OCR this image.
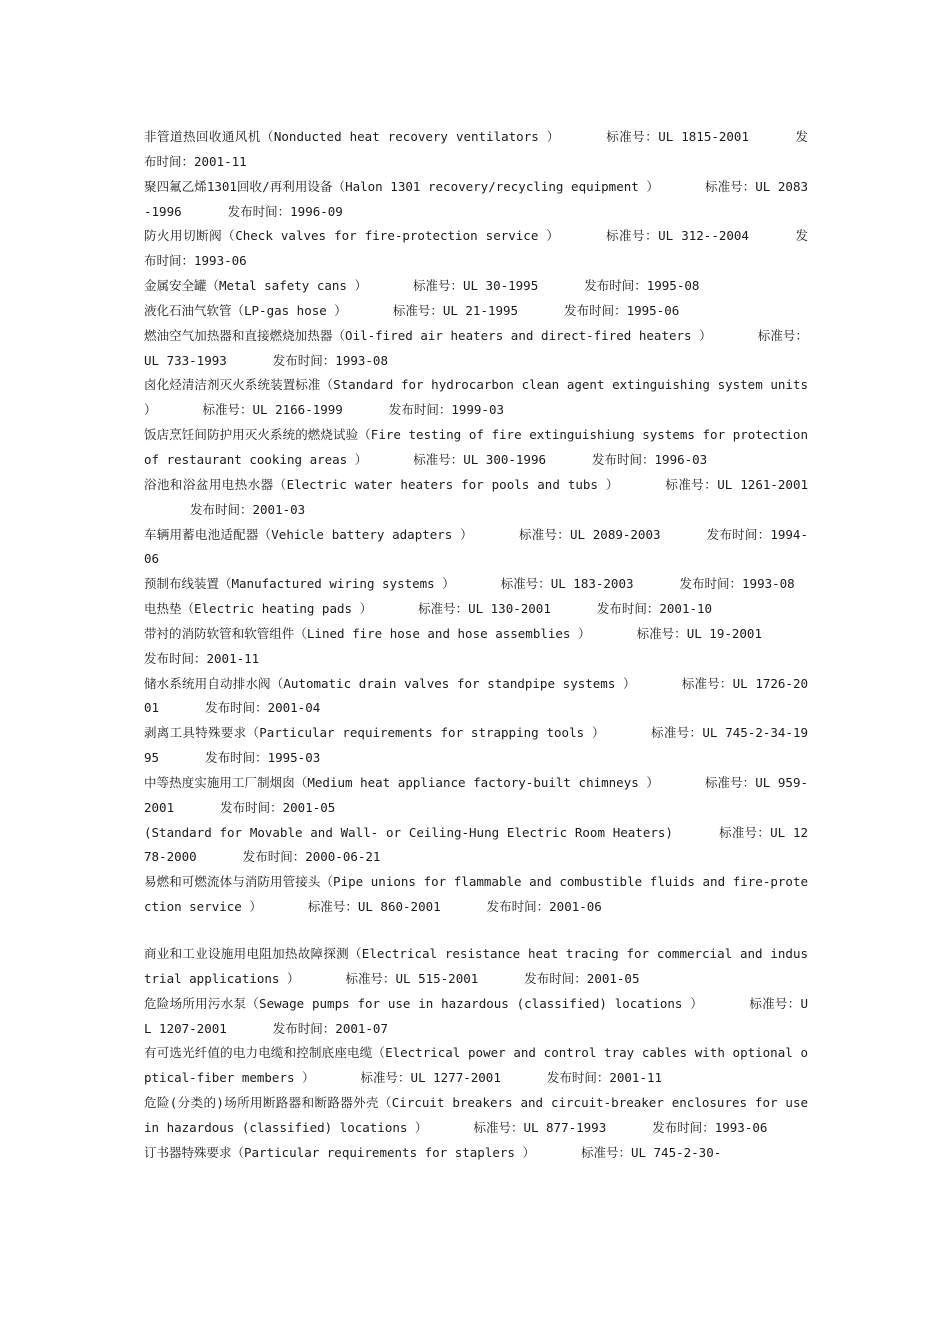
非管道热回收通风机（Nonducted heat recovery ventilators ）	标准号：UL 1815-2001	发布时间：2001-11

聚四氟乙烯1301回收/再利用设备（Halon 1301 recovery/recycling equipment ）	标准号：UL 2083-1996	发布时间：1996-09

防火用切断阀（Check valves for fire-protection service ）	标准号：UL 312--2004	发布时间：1993-06

金属安全罐（Metal safety cans ）	标准号：UL 30-1995	发布时间：1995-08

液化石油气软管（LP-gas hose ）	标准号：UL 21-1995	发布时间：1995-06

燃油空气加热器和直接燃烧加热器（Oil-fired air heaters and direct-fired heaters ）	标准号：UL 733-1993	发布时间：1993-08

卤化烃清洁剂灭火系统装置标准（Standard for hydrocarbon clean agent extinguishing system units ）	标准号：UL 2166-1999	发布时间：1999-03

饭店烹饪间防护用灭火系统的燃烧试验（Fire testing of fire extinguishiung systems for protection of restaurant cooking areas ）	标准号：UL 300-1996	发布时间：1996-03

浴池和浴盆用电热水器（Electric water heaters for pools and tubs ）	标准号：UL 1261-2001发布时间：2001-03

车辆用蓄电池适配器（Vehicle battery adapters ）	标准号：UL 2089-2003	发布时间：1994-06

预制布线装置（Manufactured wiring systems ）	标准号：UL 183-2003	发布时间：1993-08

电热垫（Electric heating pads ）	标准号：UL 130-2001	发布时间：2001-10

带衬的消防软管和软管组件（Lined fire hose and hose assemblies ）	标准号：UL 19-2001发布时间：2001-11

储水系统用自动排水阀（Automatic drain valves for standpipe systems ）	标准号：UL 1726-2001	发布时间：2001-04

剥离工具特殊要求（Particular requirements for strapping tools ）	标准号：UL 745-2-34-1995	发布时间：1995-03

中等热度实施用工厂制烟囱（Medium heat appliance factory-built chimneys ）	标准号：UL 959-2001	发布时间：2001-05

(Standard for Movable and Wall- or Ceiling-Hung Electric Room Heaters)	标准号：UL 1278-2000	发布时间：2000-06-21

易燃和可燃流体与消防用管接头（Pipe unions for flammable and combustible fluids and fire-protection service ）	标准号：UL 860-2001	发布时间：2001-06

商业和工业设施用电阻加热故障探测（Electrical resistance heat tracing for commercial and industrial applications ）	标准号：UL 515-2001	发布时间：2001-05

危险场所用污水泵（Sewage pumps for use in hazardous (classified) locations ）	标准号：UL 1207-2001	发布时间：2001-07

有可选光纤值的电力电缆和控制底座电缆（Electrical power and control tray cables with optional optical-fiber members ）	标准号：UL 1277-2001	发布时间：2001-11

危险(分类的)场所用断路器和断路器外壳（Circuit breakers and circuit-breaker enclosures for use in hazardous (classified) locations ）	标准号：UL 877-1993	发布时间：1993-06

订书器特殊要求（Particular requirements for staplers ）	标准号：UL 745-2-30-
